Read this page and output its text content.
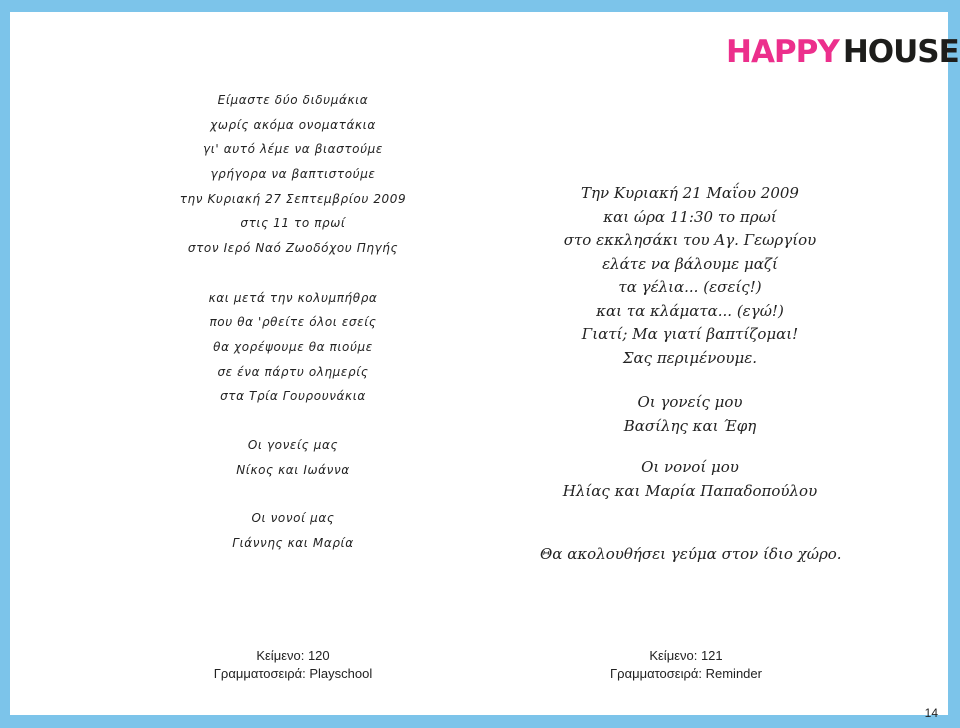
HAPPY HOUSE
Είμαστε δύο διδυμάκια
χωρίς ακόμα ονοματάκια
γι' αυτό λέμε να βιαστούμε
γρήγορα να βαπτιστούμε
την Κυριακή 27 Σεπτεμβρίου 2009
στις 11 το πρωί
στον Ιερό Ναό Ζωοδόχου Πηγής
και μετά την κολυμπήθρα
που θα 'ρθείτε όλοι εσείς
θα χορέψουμε θα πιούμε
σε ένα πάρτυ ολημερίς
στα Τρία Γουρουνάκια
Οι γονείς μας
Νίκος και Ιωάννα
Οι νονοί μας
Γιάννης και Μαρία
Την Κυριακή 21 Μαΐου 2009
και ώρα 11:30 το πρωί
στο εκκλησάκι του Αγ. Γεωργίου
ελάτε να βάλουμε μαζί
τα γέλια... (εσείς!)
και τα κλάματα... (εγώ!)
Γιατί; Μα γιατί βαπτίζομαι!
Σας περιμένουμε.
Οι γονείς μου
Βασίλης και Έφη
Οι νονοί μου
Ηλίας και Μαρία Παπαδοπούλου
Θα ακολουθήσει γεύμα στον ίδιο χώρο.
Κείμενο: 120
Γραμματοσειρά: Playschool
Κείμενο: 121
Γραμματοσειρά: Reminder
14
